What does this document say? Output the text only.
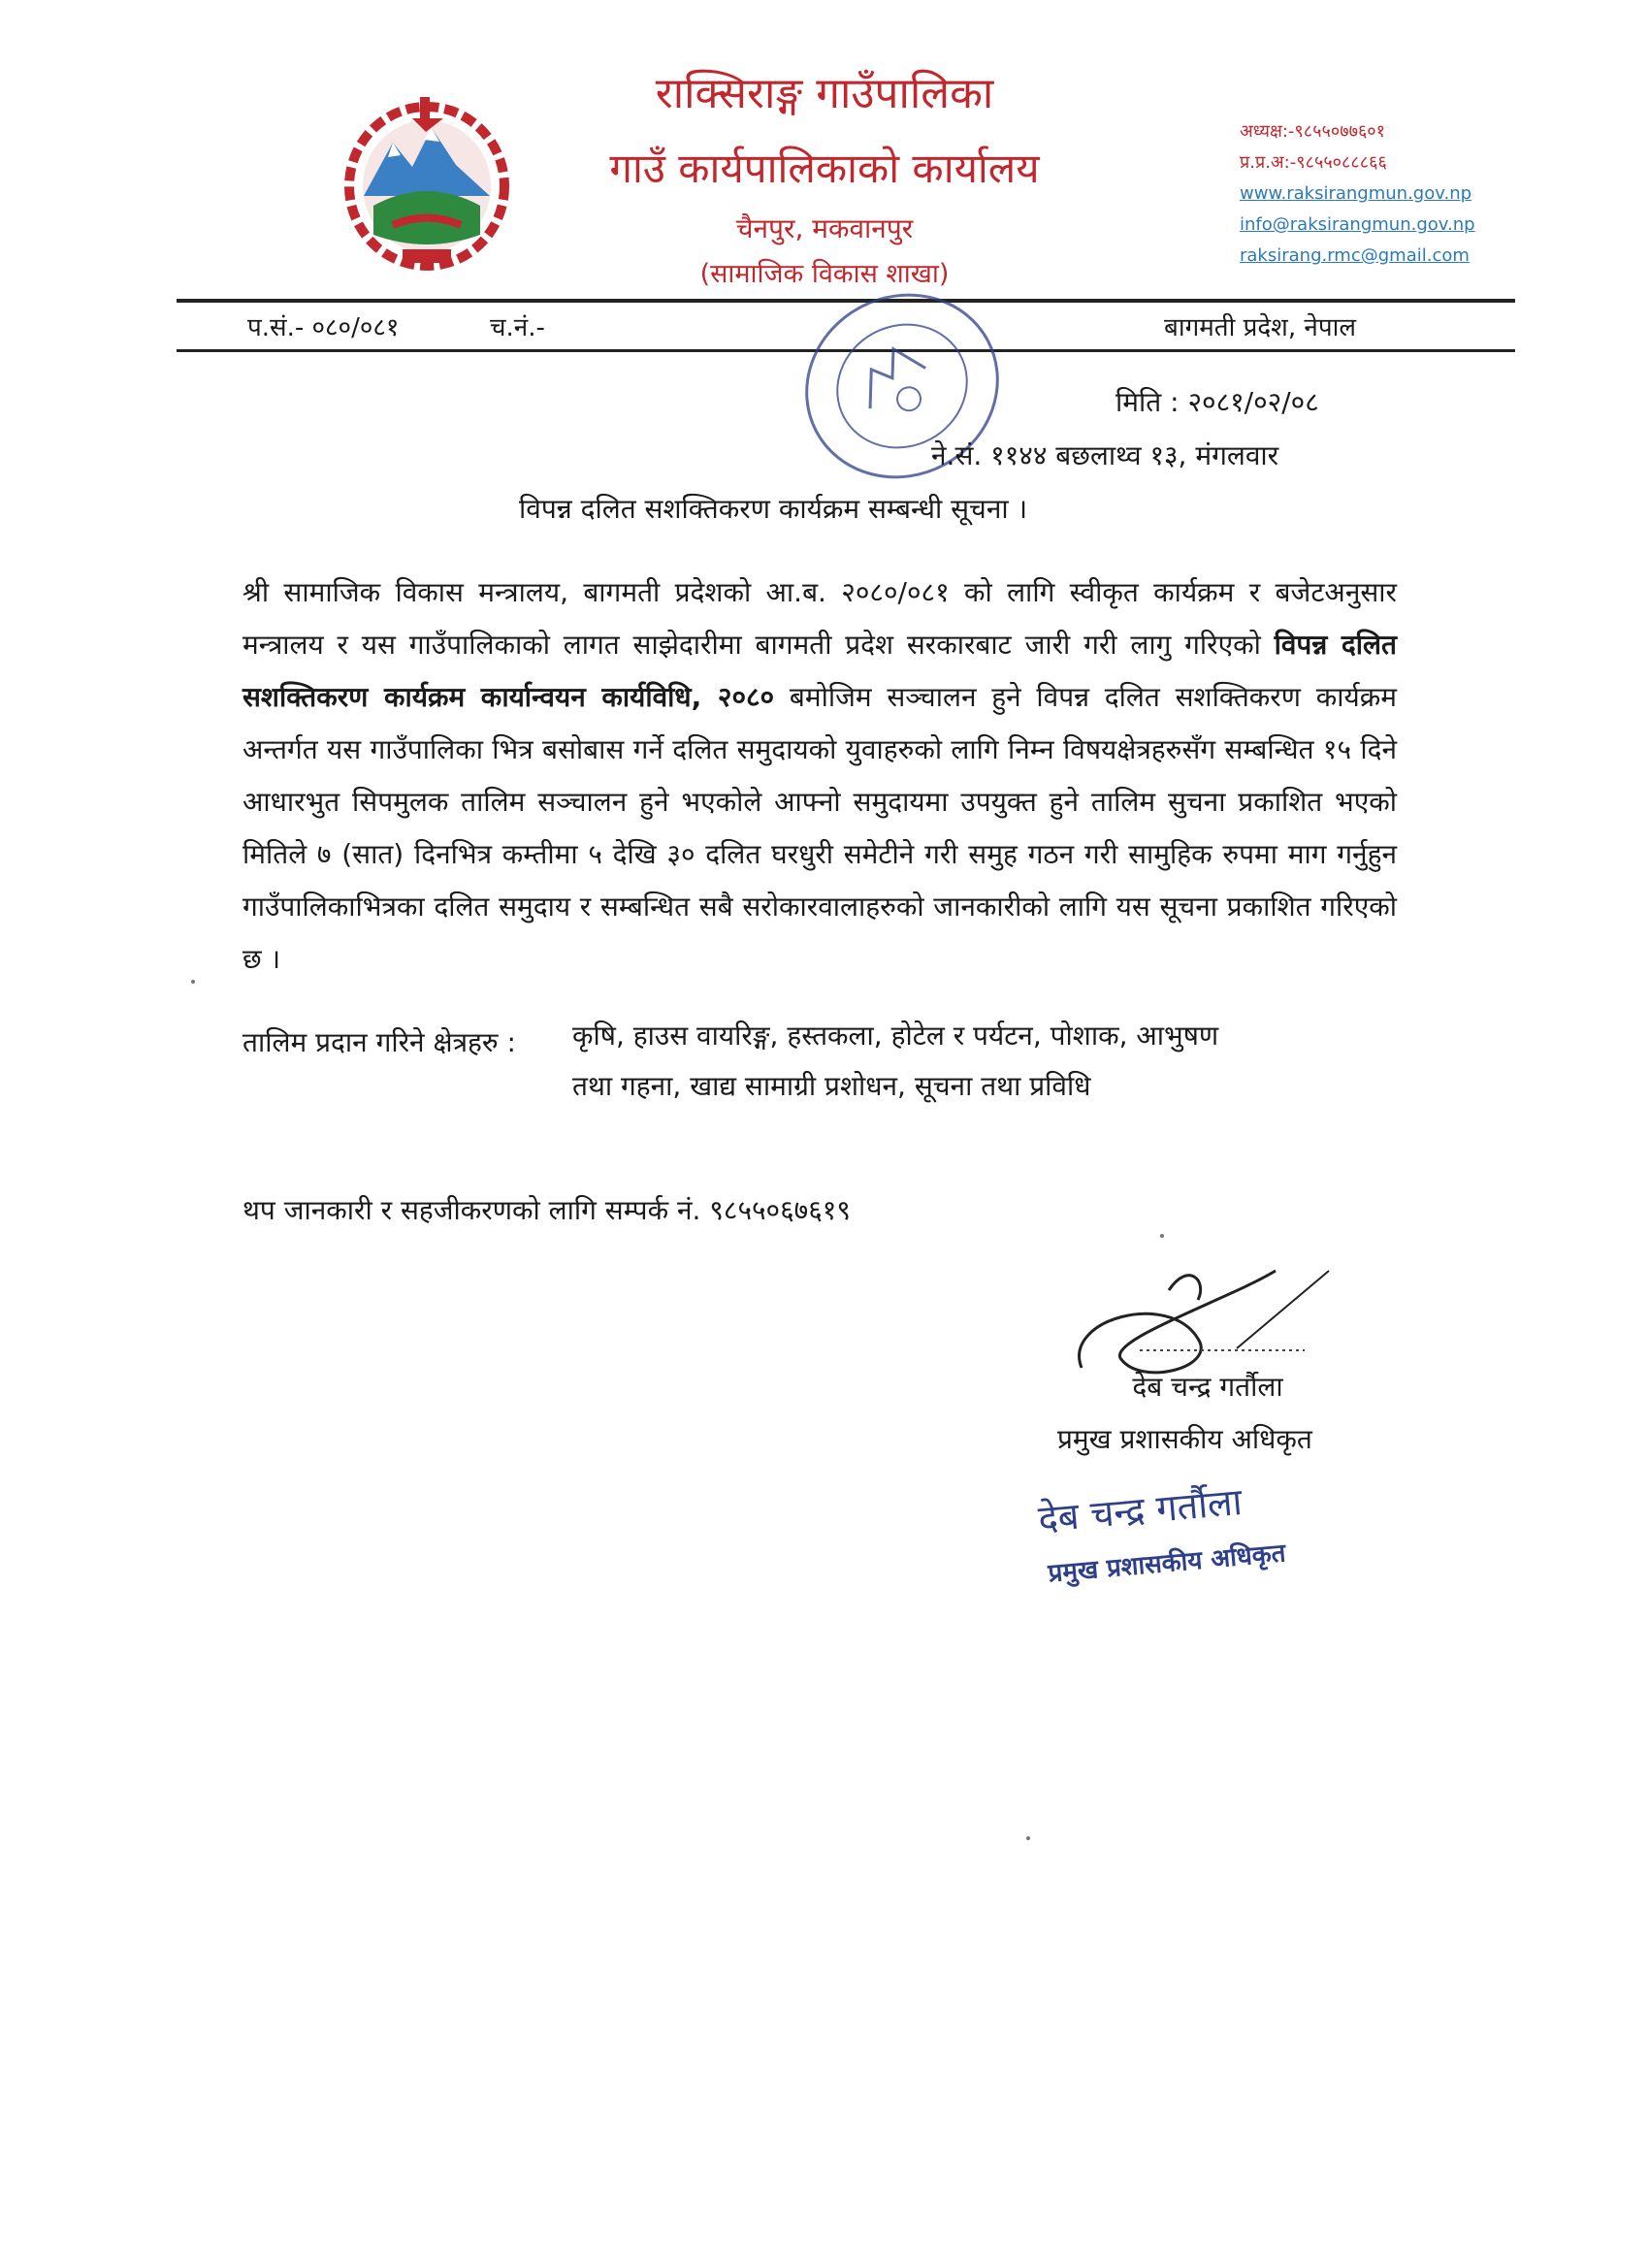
राक्सिराङ्ग गाउँपालिका
गाउँ कार्यपालिकाको कार्यालय
चैनपुर, मकवानपुर
(सामाजिक विकास शाखा)
अध्यक्ष:-९८५५०७७६०१
प्र.प्र.अ:-९८५५०८८८६६
www.raksirangmun.gov.np
info@raksirangmun.gov.np
raksirang.rmc@gmail.com
प.सं.- ०८०/०८१	च.नं.-	बागमती प्रदेश, नेपाल
मिति : २०८१/०२/०८
ने.सं. ११४४ बछलाथ्व १३, मंगलवार
विपन्न दलित सशक्तिकरण कार्यक्रम सम्बन्धी सूचना ।
श्री सामाजिक विकास मन्त्रालय, बागमती प्रदेशको आ.ब. २०८०/०८१ को लागि स्वीकृत कार्यक्रम र बजेटअनुसार मन्त्रालय र यस गाउँपालिकाको लागत साझेदारीमा बागमती प्रदेश सरकारबाट जारी गरी लागु गरिएको विपन्न दलित सशक्तिकरण कार्यक्रम कार्यान्वयन कार्यविधि, २०८० बमोजिम सञ्चालन हुने विपन्न दलित सशक्तिकरण कार्यक्रम अन्तर्गत यस गाउँपालिका भित्र बसोबास गर्ने दलित समुदायको युवाहरुको लागि निम्न विषयक्षेत्रहरुसँग सम्बन्धित १५ दिने आधारभुत सिपमुलक तालिम सञ्चालन हुने भएकोले आफ्नो समुदायमा उपयुक्त हुने तालिम सुचना प्रकाशित भएको मितिले ७ (सात) दिनभित्र कम्तीमा ५ देखि ३० दलित घरधुरी समेटीने गरी समुह गठन गरी सामुहिक रुपमा माग गर्नुहुन गाउँपालिकाभित्रका दलित समुदाय र सम्बन्धित सबै सरोकारवालाहरुको जानकारीको लागि यस सूचना प्रकाशित गरिएको छ ।
तालिम प्रदान गरिने क्षेत्रहरु : कृषि, हाउस वायरिङ्ग, हस्तकला, होटेल र पर्यटन, पोशाक, आभुषण
तथा गहना, खाद्य सामाग्री प्रशोधन, सूचना तथा प्रविधि
थप जानकारी र सहजीकरणको लागि सम्पर्क नं. ९८५५०६७६१९
देब चन्द्र गर्तौला
प्रमुख प्रशासकीय अधिकृत
देब चन्द्र गर्तौला
प्रमुख प्रशासकीय अधिकृत
